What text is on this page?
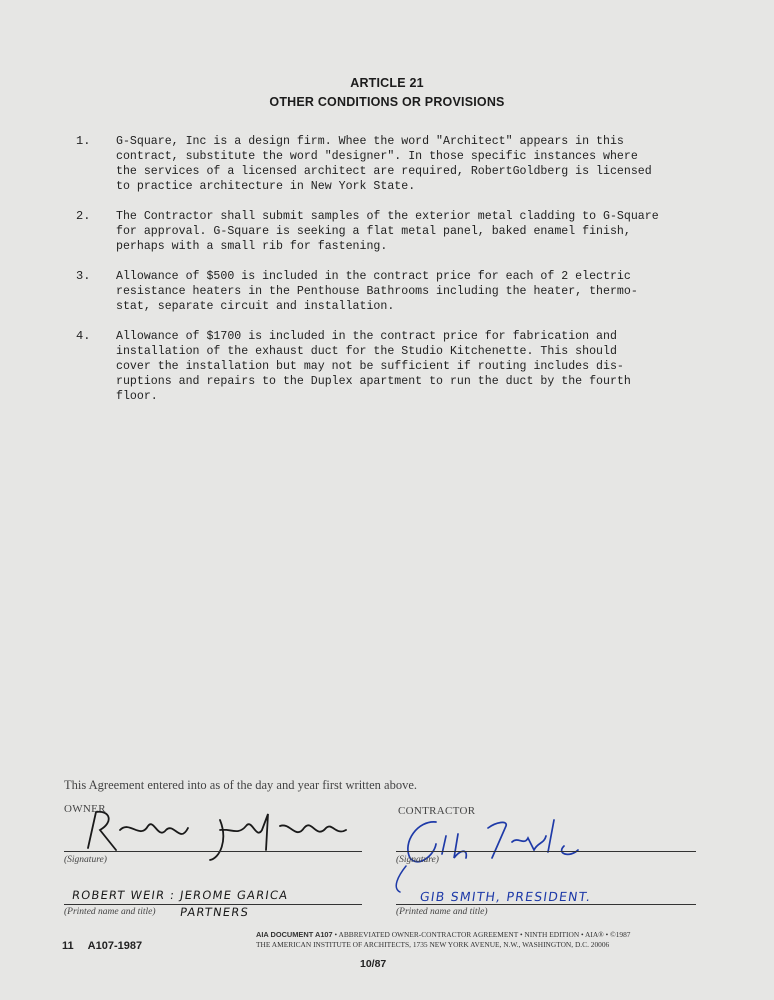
ARTICLE 21
OTHER CONDITIONS OR PROVISIONS
1. G-Square, Inc is a design firm. Whee the word "Architect" appears in this
contract, substitute the word "designer". In those specific instances where
the services of a licensed architect are required, RobertGoldberg is licensed
to practice architecture in New York State.
2. The Contractor shall submit samples of the exterior metal cladding to G-Square
for approval. G-Square is seeking a flat metal panel, baked enamel finish,
perhaps with a small rib for fastening.
3. Allowance of $500 is included in the contract price for each of 2 electric
resistance heaters in the Penthouse Bathrooms including the heater, thermo-
stat, separate circuit and installation.
4. Allowance of $1700 is included in the contract price for fabrication and
installation of the exhaust duct for the Studio Kitchenette. This should
cover the installation but may not be sufficient if routing includes dis-
ruptions and repairs to the Duplex apartment to run the duct by the fourth
floor.
This Agreement entered into as of the day and year first written above.
OWNER
(Signature)
ROBERT WEIR : JEROME GARICA
(Printed name and title) PARTNERS
CONTRACTOR
(Signature)
GIB SMITH, PRESIDENT.
(Printed name and title)
11 A107-1987
AIA DOCUMENT A107 • ABBREVIATED OWNER-CONTRACTOR AGREEMENT • NINTH EDITION • AIA® • ©1987
THE AMERICAN INSTITUTE OF ARCHITECTS, 1735 NEW YORK AVENUE, N.W., WASHINGTON, D.C. 20006
10/87
